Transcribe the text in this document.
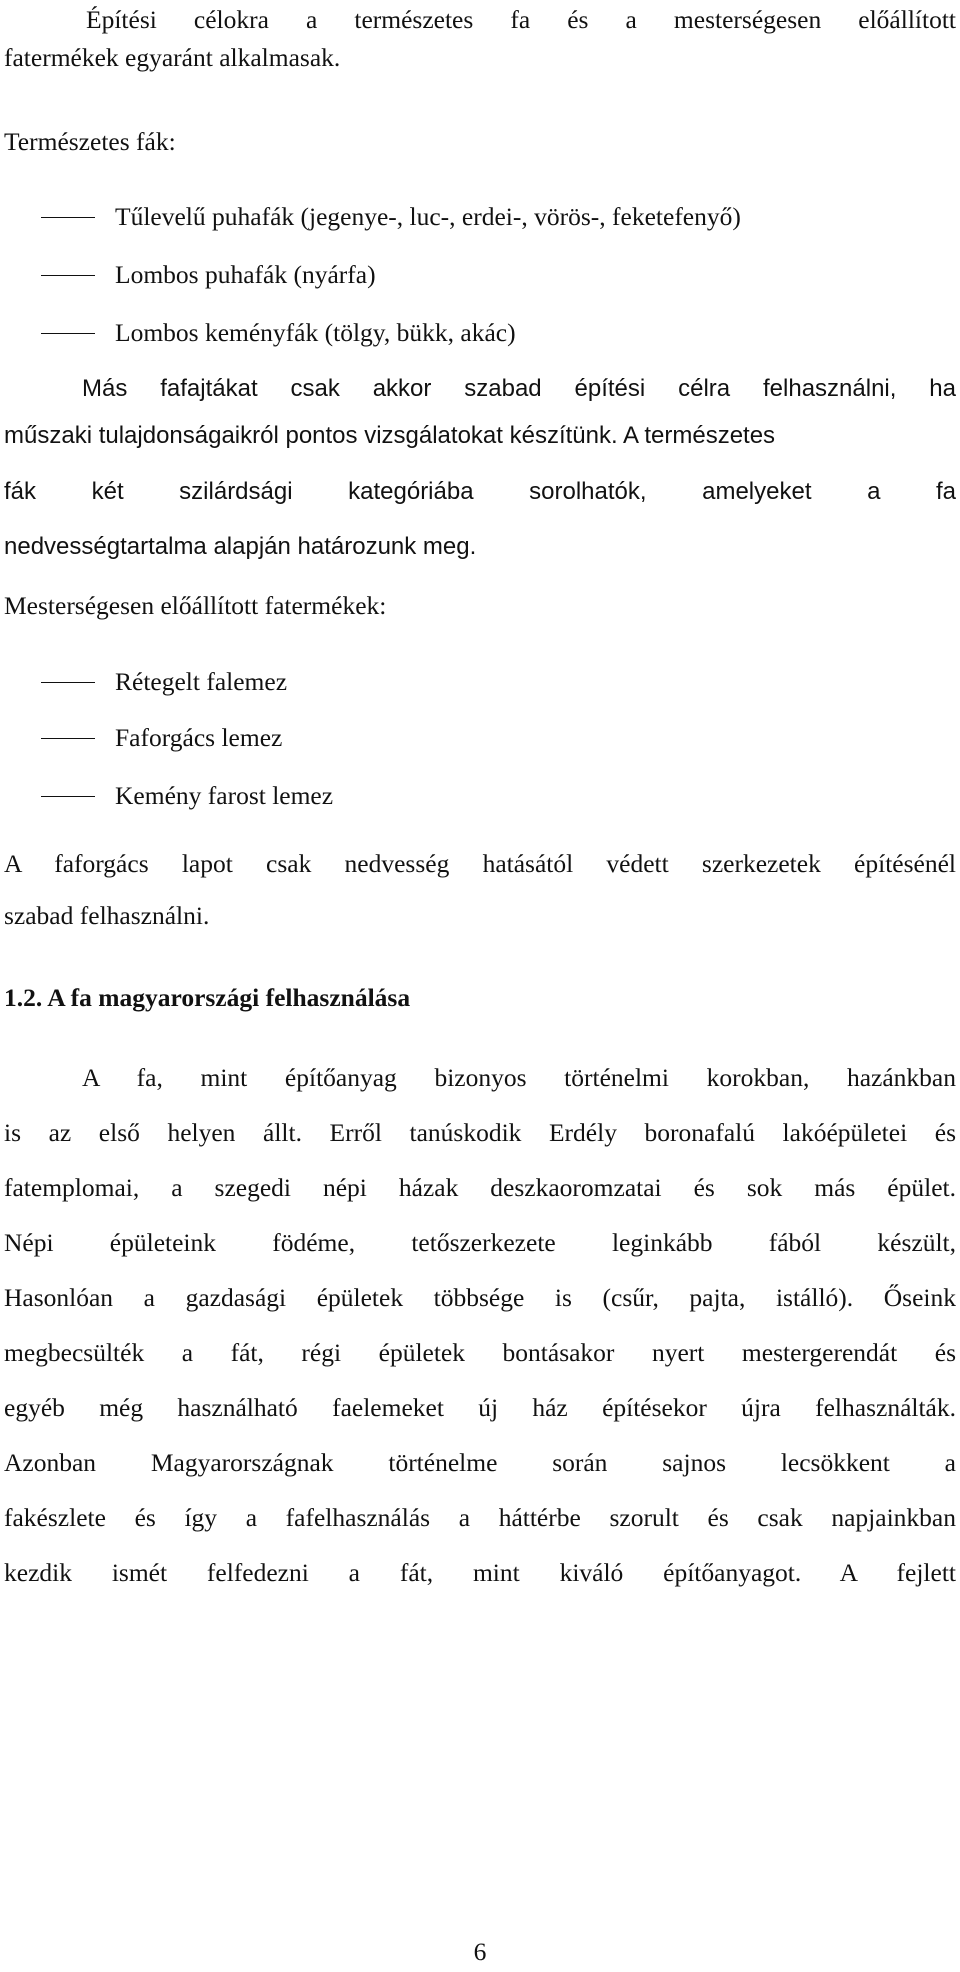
Építési célokra a természetes fa és a mesterségesen előállított
fatermékek egyaránt alkalmasak.
Természetes fák:
Tűlevelű puhafák (jegenye-, luc-, erdei-, vörös-, feketefenyő)
Lombos puhafák (nyárfa)
Lombos keményfák (tölgy, bükk, akác)
Más fafajtákat csak akkor szabad építési célra felhasználni, ha
műszaki tulajdonságaikról pontos vizsgálatokat készítünk. A természetes
fák két szilárdsági kategóriába sorolhatók, amelyeket a fa
nedvességtartalma alapján határozunk meg.
Mesterségesen előállított fatermékek:
Rétegelt falemez
Faforgács lemez
Kemény farost lemez
A faforgács lapot csak nedvesség hatásától védett szerkezetek építésénél
szabad felhasználni.
1.2. A fa magyarországi felhasználása
A fa, mint építőanyag bizonyos történelmi korokban, hazánkban
is az első helyen állt. Erről tanúskodik Erdély boronafalú lakóépületei és
fatemplomai, a szegedi népi házak deszkaoromzatai és sok más épület.
Népi épületeink födéme, tetőszerkezete leginkább fából készült,
Hasonlóan a gazdasági épületek többsége is (csűr, pajta, istálló). Őseink
megbecsülték a fát, régi épületek bontásakor nyert mestergerendát és
egyéb még használható faelemeket új ház építésekor újra felhasználták.
Azonban Magyarországnak történelme során sajnos lecsökkent a
fakészlete és így a fafelhasználás a háttérbe szorult és csak napjainkban
kezdik ismét felfedezni a fát, mint kiváló építőanyagot. A fejlett
6
